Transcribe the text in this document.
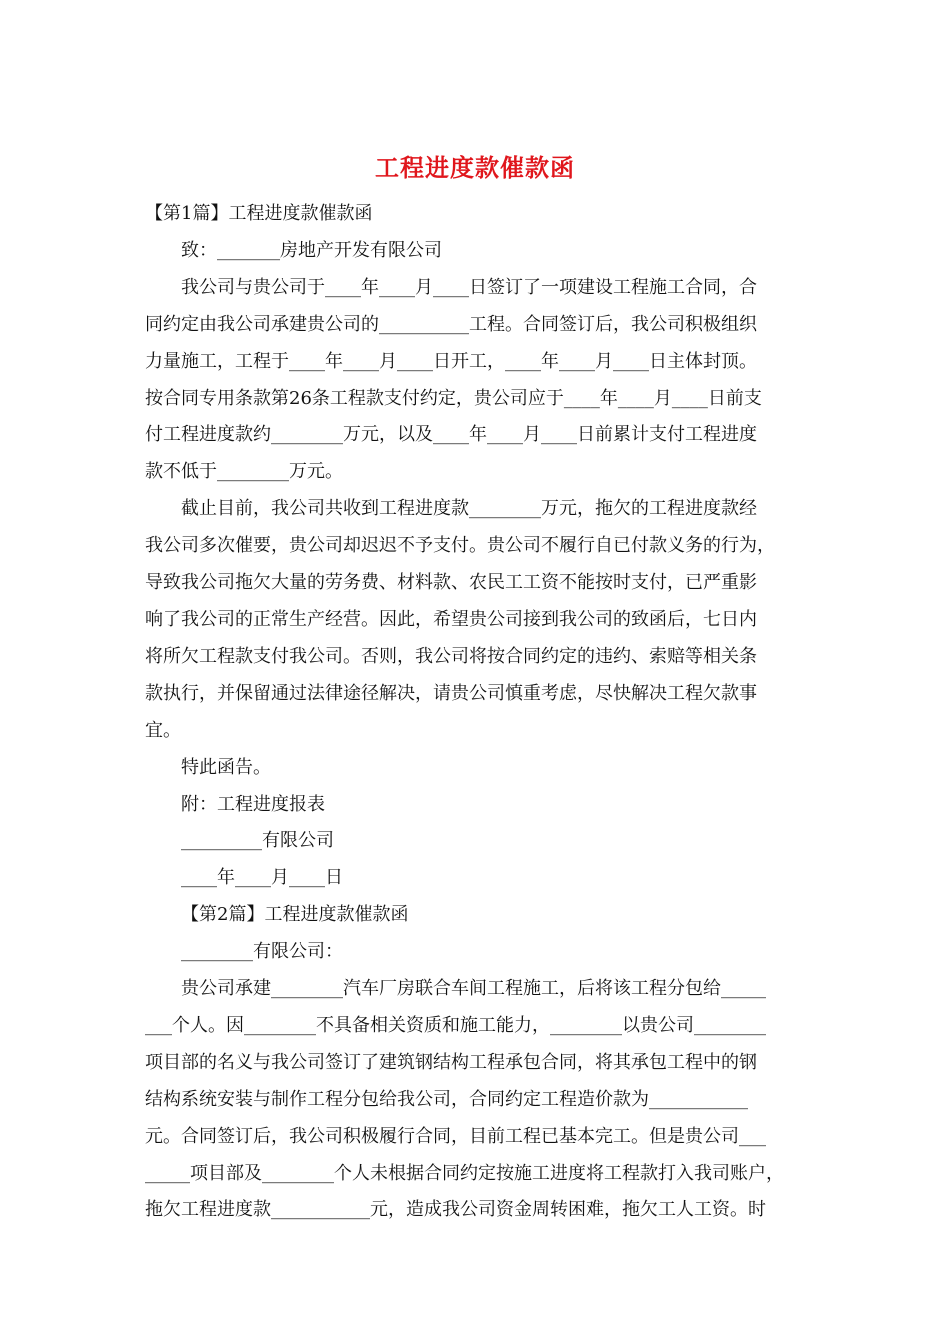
工程进度款催款函

【第1篇】工程进度款催款函

致：_______房地产开发有限公司

我公司与贵公司于____年____月____日签订了一项建设工程施工合同，合

同约定由我公司承建贵公司的__________工程。合同签订后，我公司积极组织

力量施工，工程于____年____月____日开工，____年____月____日主体封顶。

按合同专用条款第26条工程款支付约定，贵公司应于____年____月____日前支

付工程进度款约________万元，以及____年____月____日前累计支付工程进度

款不低于________万元。

截止目前，我公司共收到工程进度款________万元，拖欠的工程进度款经

我公司多次催要，贵公司却迟迟不予支付。贵公司不履行自已付款义务的行为，

导致我公司拖欠大量的劳务费、材料款、农民工工资不能按时支付，已严重影

响了我公司的正常生产经营。因此，希望贵公司接到我公司的致函后，七日内

将所欠工程款支付我公司。否则，我公司将按合同约定的违约、索赔等相关条

款执行，并保留通过法律途径解决，请贵公司慎重考虑，尽快解决工程欠款事

宜。

特此函告。

附：工程进度报表

_________有限公司

____年____月____日

【第2篇】工程进度款催款函

________有限公司：

贵公司承建________汽车厂房联合车间工程施工，后将该工程分包给_____

___个人。因________不具备相关资质和施工能力，________以贵公司________

项目部的名义与我公司签订了建筑钢结构工程承包合同，将其承包工程中的钢

结构系统安装与制作工程分包给我公司，合同约定工程造价款为___________

元。合同签订后，我公司积极履行合同，目前工程已基本完工。但是贵公司___

_____项目部及________个人未根据合同约定按施工进度将工程款打入我司账户，

拖欠工程进度款___________元，造成我公司资金周转困难，拖欠工人工资。时
